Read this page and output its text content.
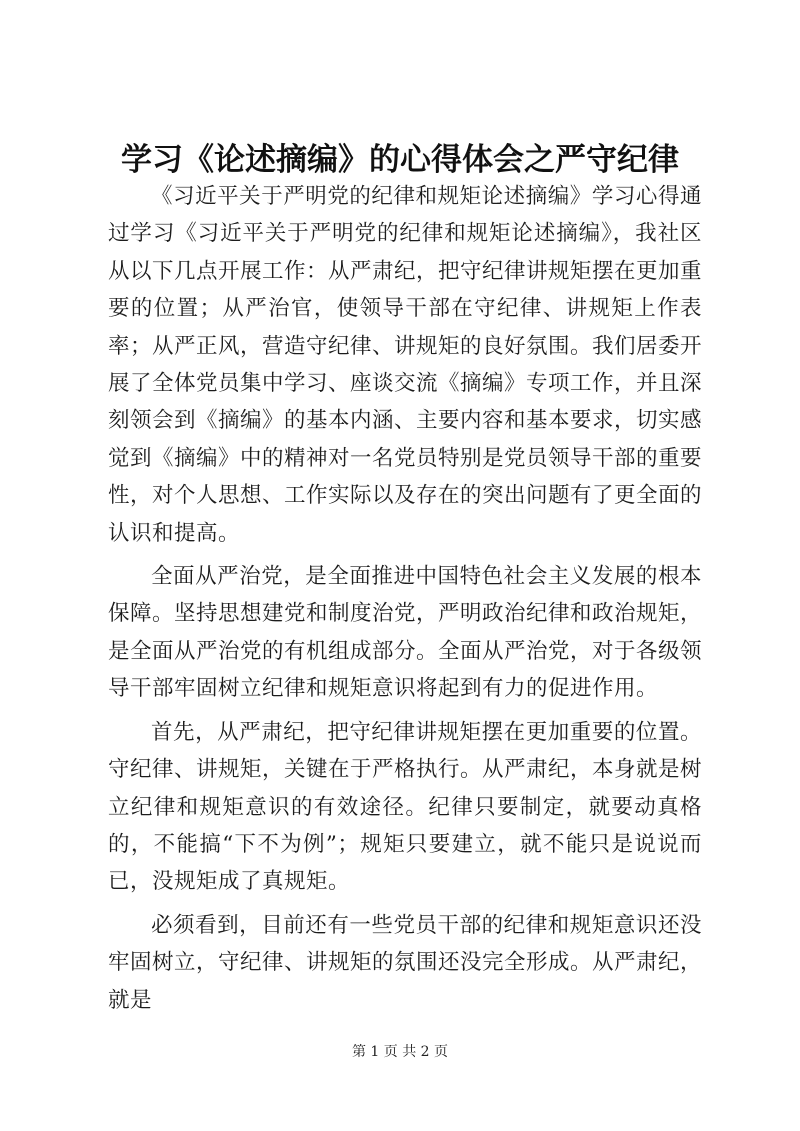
学习《论述摘编》的心得体会之严守纪律

《习近平关于严明党的纪律和规矩论述摘编》学习心得通过学习《习近平关于严明党的纪律和规矩论述摘编》，我社区从以下几点开展工作：从严肃纪，把守纪律讲规矩摆在更加重要的位置；从严治官，使领导干部在守纪律、讲规矩上作表率；从严正风，营造守纪律、讲规矩的良好氛围。我们居委开展了全体党员集中学习、座谈交流《摘编》专项工作，并且深刻领会到《摘编》的基本内涵、主要内容和基本要求，切实感觉到《摘编》中的精神对一名党员特别是党员领导干部的重要性，对个人思想、工作实际以及存在的突出问题有了更全面的认识和提高。

全面从严治党，是全面推进中国特色社会主义发展的根本保障。坚持思想建党和制度治党，严明政治纪律和政治规矩，是全面从严治党的有机组成部分。全面从严治党，对于各级领导干部牢固树立纪律和规矩意识将起到有力的促进作用。

首先，从严肃纪，把守纪律讲规矩摆在更加重要的位置。守纪律、讲规矩，关键在于严格执行。从严肃纪，本身就是树立纪律和规矩意识的有效途径。纪律只要制定，就要动真格的，不能搞“下不为例”；规矩只要建立，就不能只是说说而已，没规矩成了真规矩。

必须看到，目前还有一些党员干部的纪律和规矩意识还没牢固树立，守纪律、讲规矩的氛围还没完全形成。从严肃纪，就是

第 1 页 共 2 页
